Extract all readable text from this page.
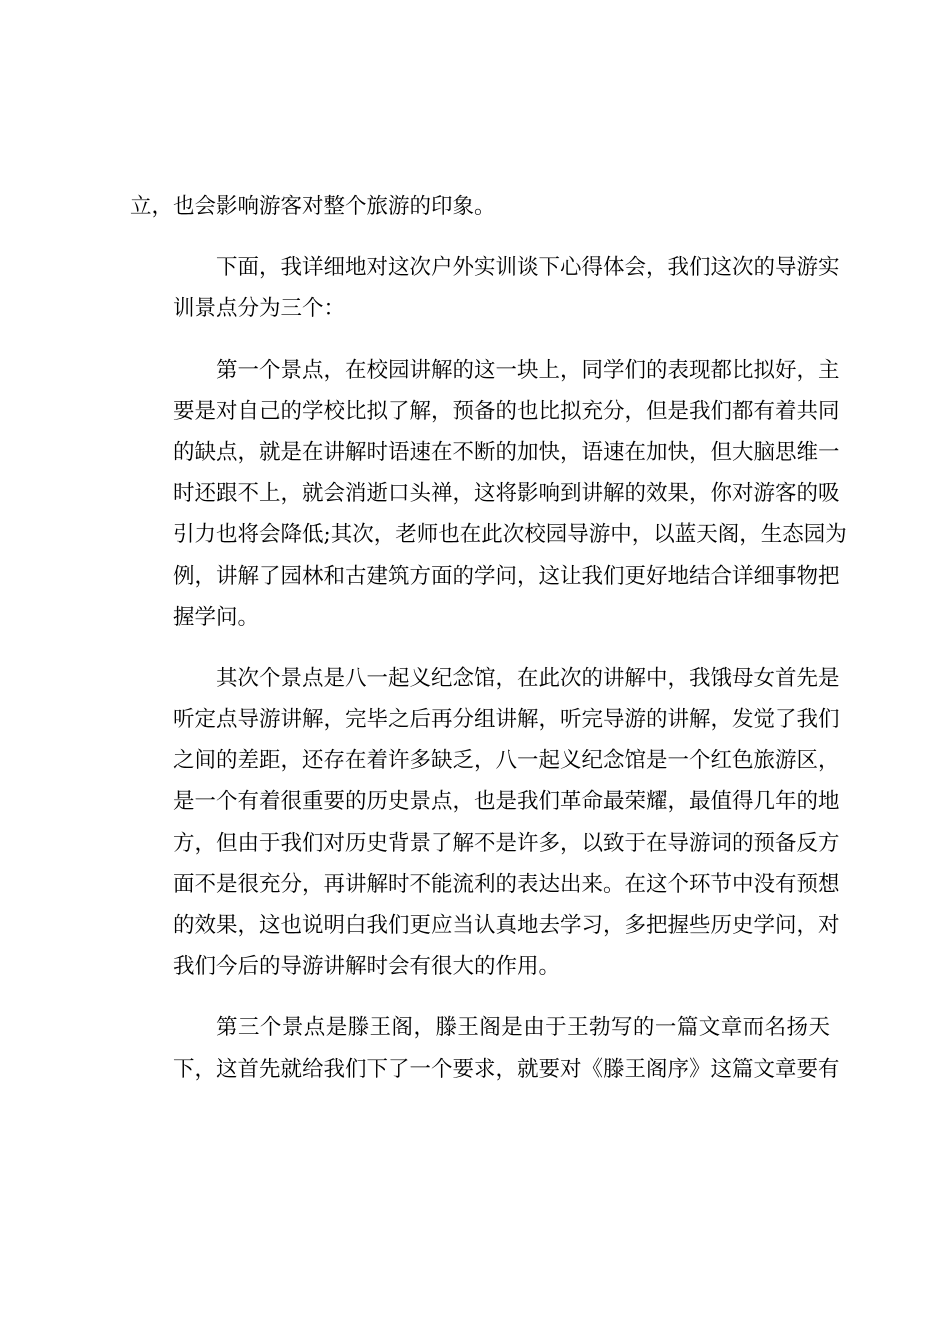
立，也会影响游客对整个旅游的印象。

下面，我详细地对这次户外实训谈下心得体会，我们这次的导游实
训景点分为三个：

第一个景点，在校园讲解的这一块上，同学们的表现都比拟好，主
要是对自己的学校比拟了解，预备的也比拟充分，但是我们都有着共同
的缺点，就是在讲解时语速在不断的加快，语速在加快，但大脑思维一
时还跟不上，就会消逝口头禅，这将影响到讲解的效果，你对游客的吸
引力也将会降低;其次，老师也在此次校园导游中，以蓝天阁，生态园为
例，讲解了园林和古建筑方面的学问，这让我们更好地结合详细事物把
握学问。

其次个景点是八一起义纪念馆，在此次的讲解中，我饿母女首先是
听定点导游讲解，完毕之后再分组讲解，听完导游的讲解，发觉了我们
之间的差距，还存在着许多缺乏，八一起义纪念馆是一个红色旅游区，
是一个有着很重要的历史景点，也是我们革命最荣耀，最值得几年的地
方，但由于我们对历史背景了解不是许多，以致于在导游词的预备反方
面不是很充分，再讲解时不能流利的表达出来。在这个环节中没有预想
的效果，这也说明白我们更应当认真地去学习，多把握些历史学问，对
我们今后的导游讲解时会有很大的作用。

第三个景点是滕王阁，滕王阁是由于王勃写的一篇文章而名扬天
下，这首先就给我们下了一个要求，就要对《滕王阁序》这篇文章要有
